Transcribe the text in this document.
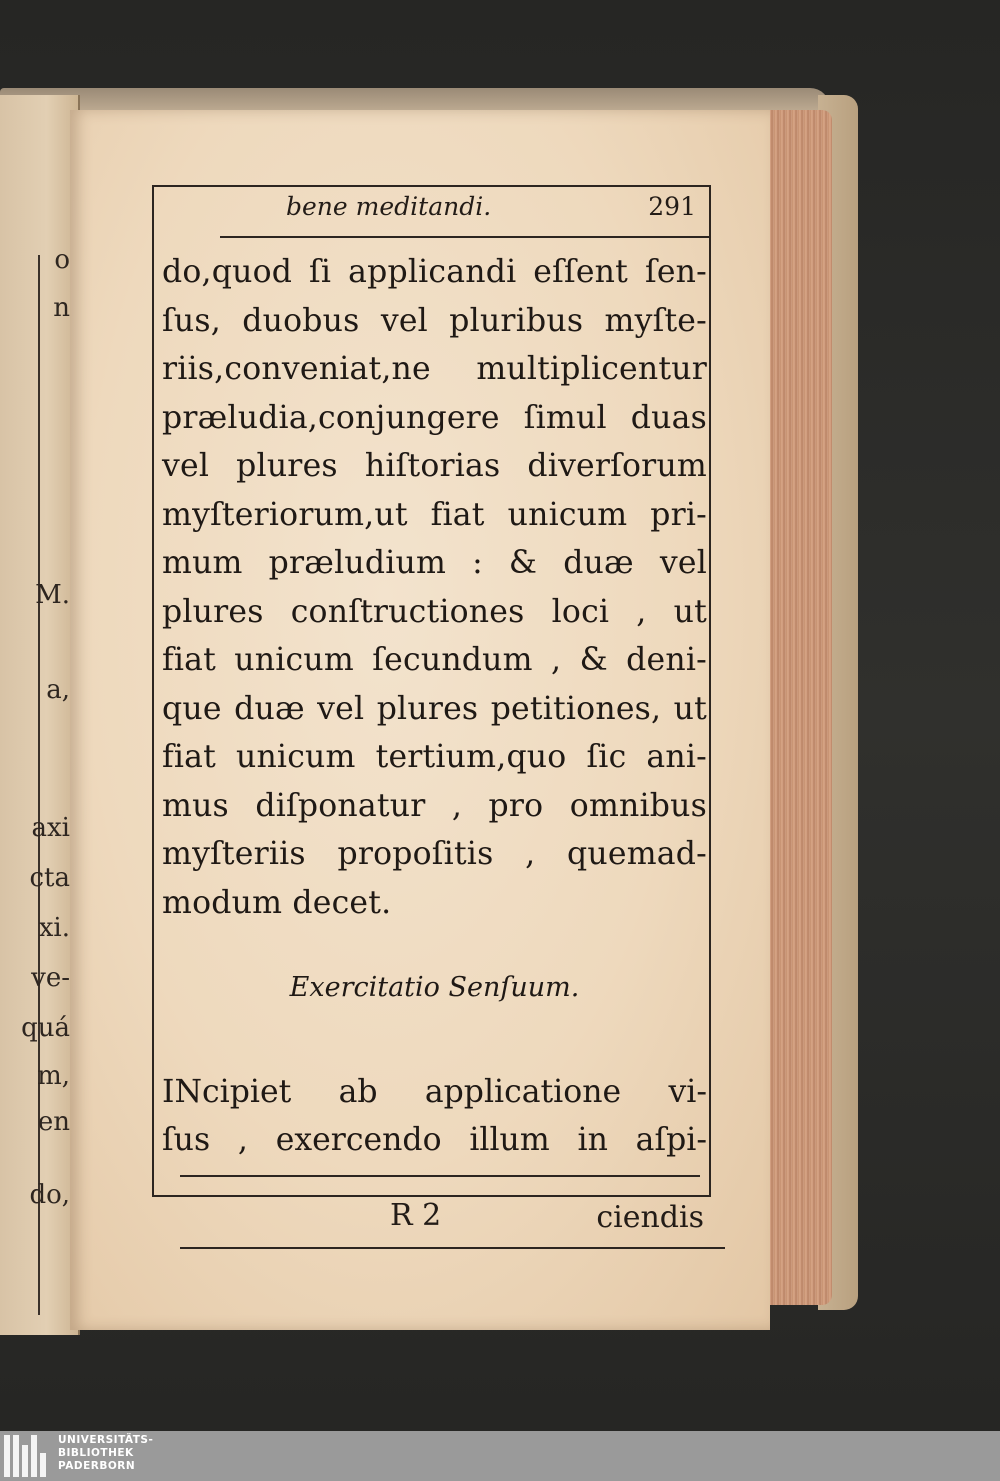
o
n
M.
a,
axi
cta
xi.
ve-
quá
m,
en
do,
bene meditandi.	291
do,quod ſi applicandi eſſent ſen-
ſus, duobus vel pluribus myſte-
riis,conveniat,ne multiplicentur
præludia,conjungere ſimul duas
vel plures hiſtorias diverſorum
myſteriorum,ut fiat unicum pri-
mum præludium : & duæ vel
plures conſtructiones loci , ut
fiat unicum ſecundum , & deni-
que duæ vel plures petitiones, ut
fiat unicum tertium,quo ſic ani-
mus diſponatur , pro omnibus
myſteriis propoſitis , quemad-
modum decet.
Exercitatio Senſuum.
INcipiet ab applicatione vi-
ſus , exercendo illum in aſpi-
R 2	ciendis
UNIVERSITÄTS-
BIBLIOTHEK
PADERBORN
